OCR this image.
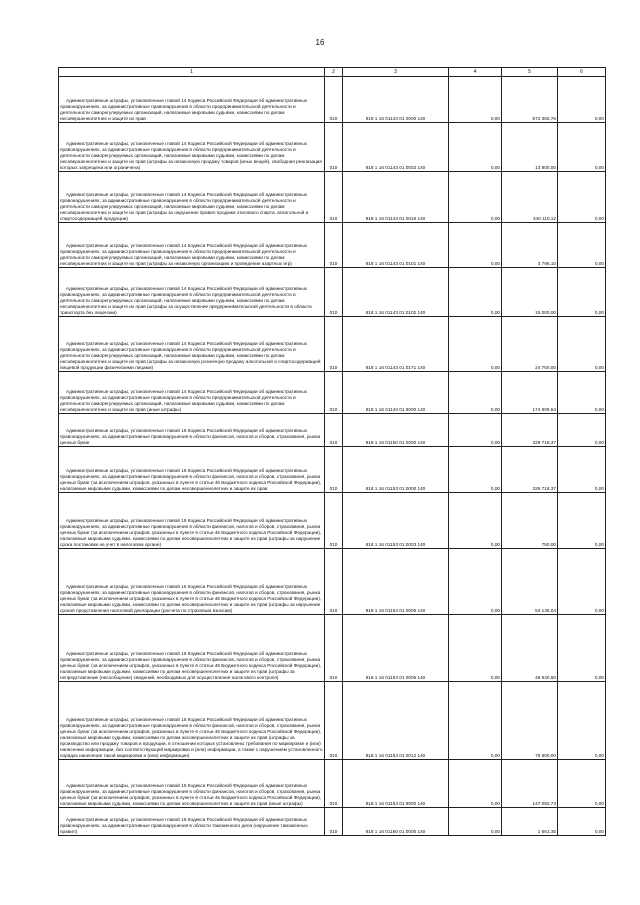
16
1	2	3	4	5	6
Административные штрафы, установленные главой 14 Кодекса Российской Федерации об административных правонарушениях, за административные правонарушения в области предпринимательской деятельности и деятельности саморегулируемых организаций, налагаемые мировыми судьями, комиссиями по делам несовершеннолетних и защите их прав	010	818 1 16 01143 01 0000 140	0,00	572 365,76	0,00
Административные штрафы, установленные главой 14 Кодекса Российской Федерации об административных правонарушениях, за административные правонарушения в области предпринимательской деятельности и деятельности саморегулируемых организаций, налагаемые мировыми судьями, комиссиями по делам несовершеннолетних и защите их прав (штрафы за незаконную продажу товаров (иных вещей), свободная реализация которых запрещена или ограничена)	010	818 1 16 01143 01 0002 140	0,00	13 800,00	0,00
Административные штрафы, установленные главой 14 Кодекса Российской Федерации об административных правонарушениях, за административные правонарушения в области предпринимательской деятельности и деятельности саморегулируемых организаций, налагаемые мировыми судьями, комиссиями по делам несовершеннолетних и защите их прав (штрафы за нарушение правил продажи этилового спирта, алкогольной и спиртосодержащей продукции)	010	818 1 16 01143 01 0016 140	0,00	340 110,12	0,00
Административные штрафы, установленные главой 14 Кодекса Российской Федерации об административных правонарушениях, за административные правонарушения в области предпринимательской деятельности и деятельности саморегулируемых организаций, налагаемые мировыми судьями, комиссиями по делам несовершеннолетних и защите их прав (штрафы за незаконную организацию и проведение азартных игр)	010	818 1 16 01143 01 0101 140	0,00	3 796,10	0,00
Административные штрафы, установленные главой 14 Кодекса Российской Федерации об административных правонарушениях, за административные правонарушения в области предпринимательской деятельности и деятельности саморегулируемых организаций, налагаемые мировыми судьями, комиссиями по делам несовершеннолетних и защите их прав (штрафы за осуществление предпринимательской деятельности в области транспорта без лицензии)	010	818 1 16 01143 01 0102 140	0,00	15 000,00	0,00
Административные штрафы, установленные главой 14 Кодекса Российской Федерации об административных правонарушениях, за административные правонарушения в области предпринимательской деятельности и деятельности саморегулируемых организаций, налагаемые мировыми судьями, комиссиями по делам несовершеннолетних и защите их прав (штрафы за незаконную розничную продажу алкогольной и спиртосодержащей пищевой продукции физическими лицами)	010	818 1 16 01143 01 0171 140	0,00	24 750,00	0,00
Административные штрафы, установленные главой 14 Кодекса Российской Федерации об административных правонарушениях, за административные правонарушения в области предпринимательской деятельности и деятельности саморегулируемых организаций, налагаемые мировыми судьями, комиссиями по делам несовершеннолетних и защите их прав (иные штрафы)	010	818 1 16 01143 01 9000 140	0,00	174 909,54	0,00
Административные штрафы, установленные главой 15 Кодекса Российской Федерации об административных правонарушениях, за административные правонарушения в области финансов, налогов и сборов, страхования, рынка ценных бумаг	010	818 1 16 01150 01 0000 140	0,00	329 718,37	0,00
Административные штрафы, установленные главой 15 Кодекса Российской Федерации об административных правонарушениях, за административные правонарушения в области финансов, налогов и сборов, страхования, рынка ценных бумаг (за исключением штрафов, указанных в пункте 6 статьи 46 Бюджетного кодекса Российской Федерации), налагаемые мировыми судьями, комиссиями по делам несовершеннолетних и защите их прав	010	818 1 16 01153 01 0000 140	0,00	329 718,37	0,00
Административные штрафы, установленные главой 15 Кодекса Российской Федерации об административных правонарушениях, за административные правонарушения в области финансов, налогов и сборов, страхования, рынка ценных бумаг (за исключением штрафов, указанных в пункте 6 статьи 46 Бюджетного кодекса Российской Федерации), налагаемые мировыми судьями, комиссиями по делам несовершеннолетних и защите их прав (штрафы за нарушение срока постановки на учет в налоговом органе)	010	818 1 16 01153 01 0003 140	0,00	750,00	0,00
Административные штрафы, установленные главой 15 Кодекса Российской Федерации об административных правонарушениях, за административные правонарушения в области финансов, налогов и сборов, страхования, рынка ценных бумаг (за исключением штрафов, указанных в пункте 6 статьи 46 Бюджетного кодекса Российской Федерации), налагаемые мировыми судьями, комиссиями по делам несовершеннолетних и защите их прав (штрафы за нарушение сроков представления налоговой декларации (расчета по страховым взносам)	010	818 1 16 01153 01 0005 140	0,00	54 135,04	0,00
Административные штрафы, установленные главой 15 Кодекса Российской Федерации об административных правонарушениях, за административные правонарушения в области финансов, налогов и сборов, страхования, рынка ценных бумаг (за исключением штрафов, указанных в пункте 6 статьи 46 Бюджетного кодекса Российской Федерации), налагаемые мировыми судьями, комиссиями по делам несовершеннолетних и защите их прав (штрафы за непредставление (несообщение) сведений, необходимых для осуществления налогового контроля)	010	818 1 16 01153 01 0006 140	0,00	48 940,60	0,00
Административные штрафы, установленные главой 15 Кодекса Российской Федерации об административных правонарушениях, за административные правонарушения в области финансов, налогов и сборов, страхования, рынка ценных бумаг (за исключением штрафов, указанных в пункте 6 статьи 46 Бюджетного кодекса Российской Федерации), налагаемые мировыми судьями, комиссиями по делам несовершеннолетних и защите их прав (штрафы за производство или продажу товаров и продукции, в отношении которых установлены требования по маркировке и (или) нанесению информации, без соответствующей маркировки и (или) информации, а также с нарушением установленного порядка нанесения такой маркировки и (или) информации)	010	818 1 16 01153 01 0012 140	0,00	78 800,00	0,00
Административные штрафы, установленные главой 15 Кодекса Российской Федерации об административных правонарушениях, за административные правонарушения в области финансов, налогов и сборов, страхования, рынка ценных бумаг (за исключением штрафов, указанных в пункте 6 статьи 46 Бюджетного кодекса Российской Федерации), налагаемые мировыми судьями, комиссиями по делам несовершеннолетних и защите их прав (иные штрафы)	010	818 1 16 01153 01 9000 140	0,00	147 092,73	0,00
Административные штрафы, установленные главой 16 Кодекса Российской Федерации об административных правонарушениях, за административные правонарушения в области таможенного дела (нарушение таможенных правил)	010	818 1 16 01160 01 0000 140	0,00	1 661,35	0,00
